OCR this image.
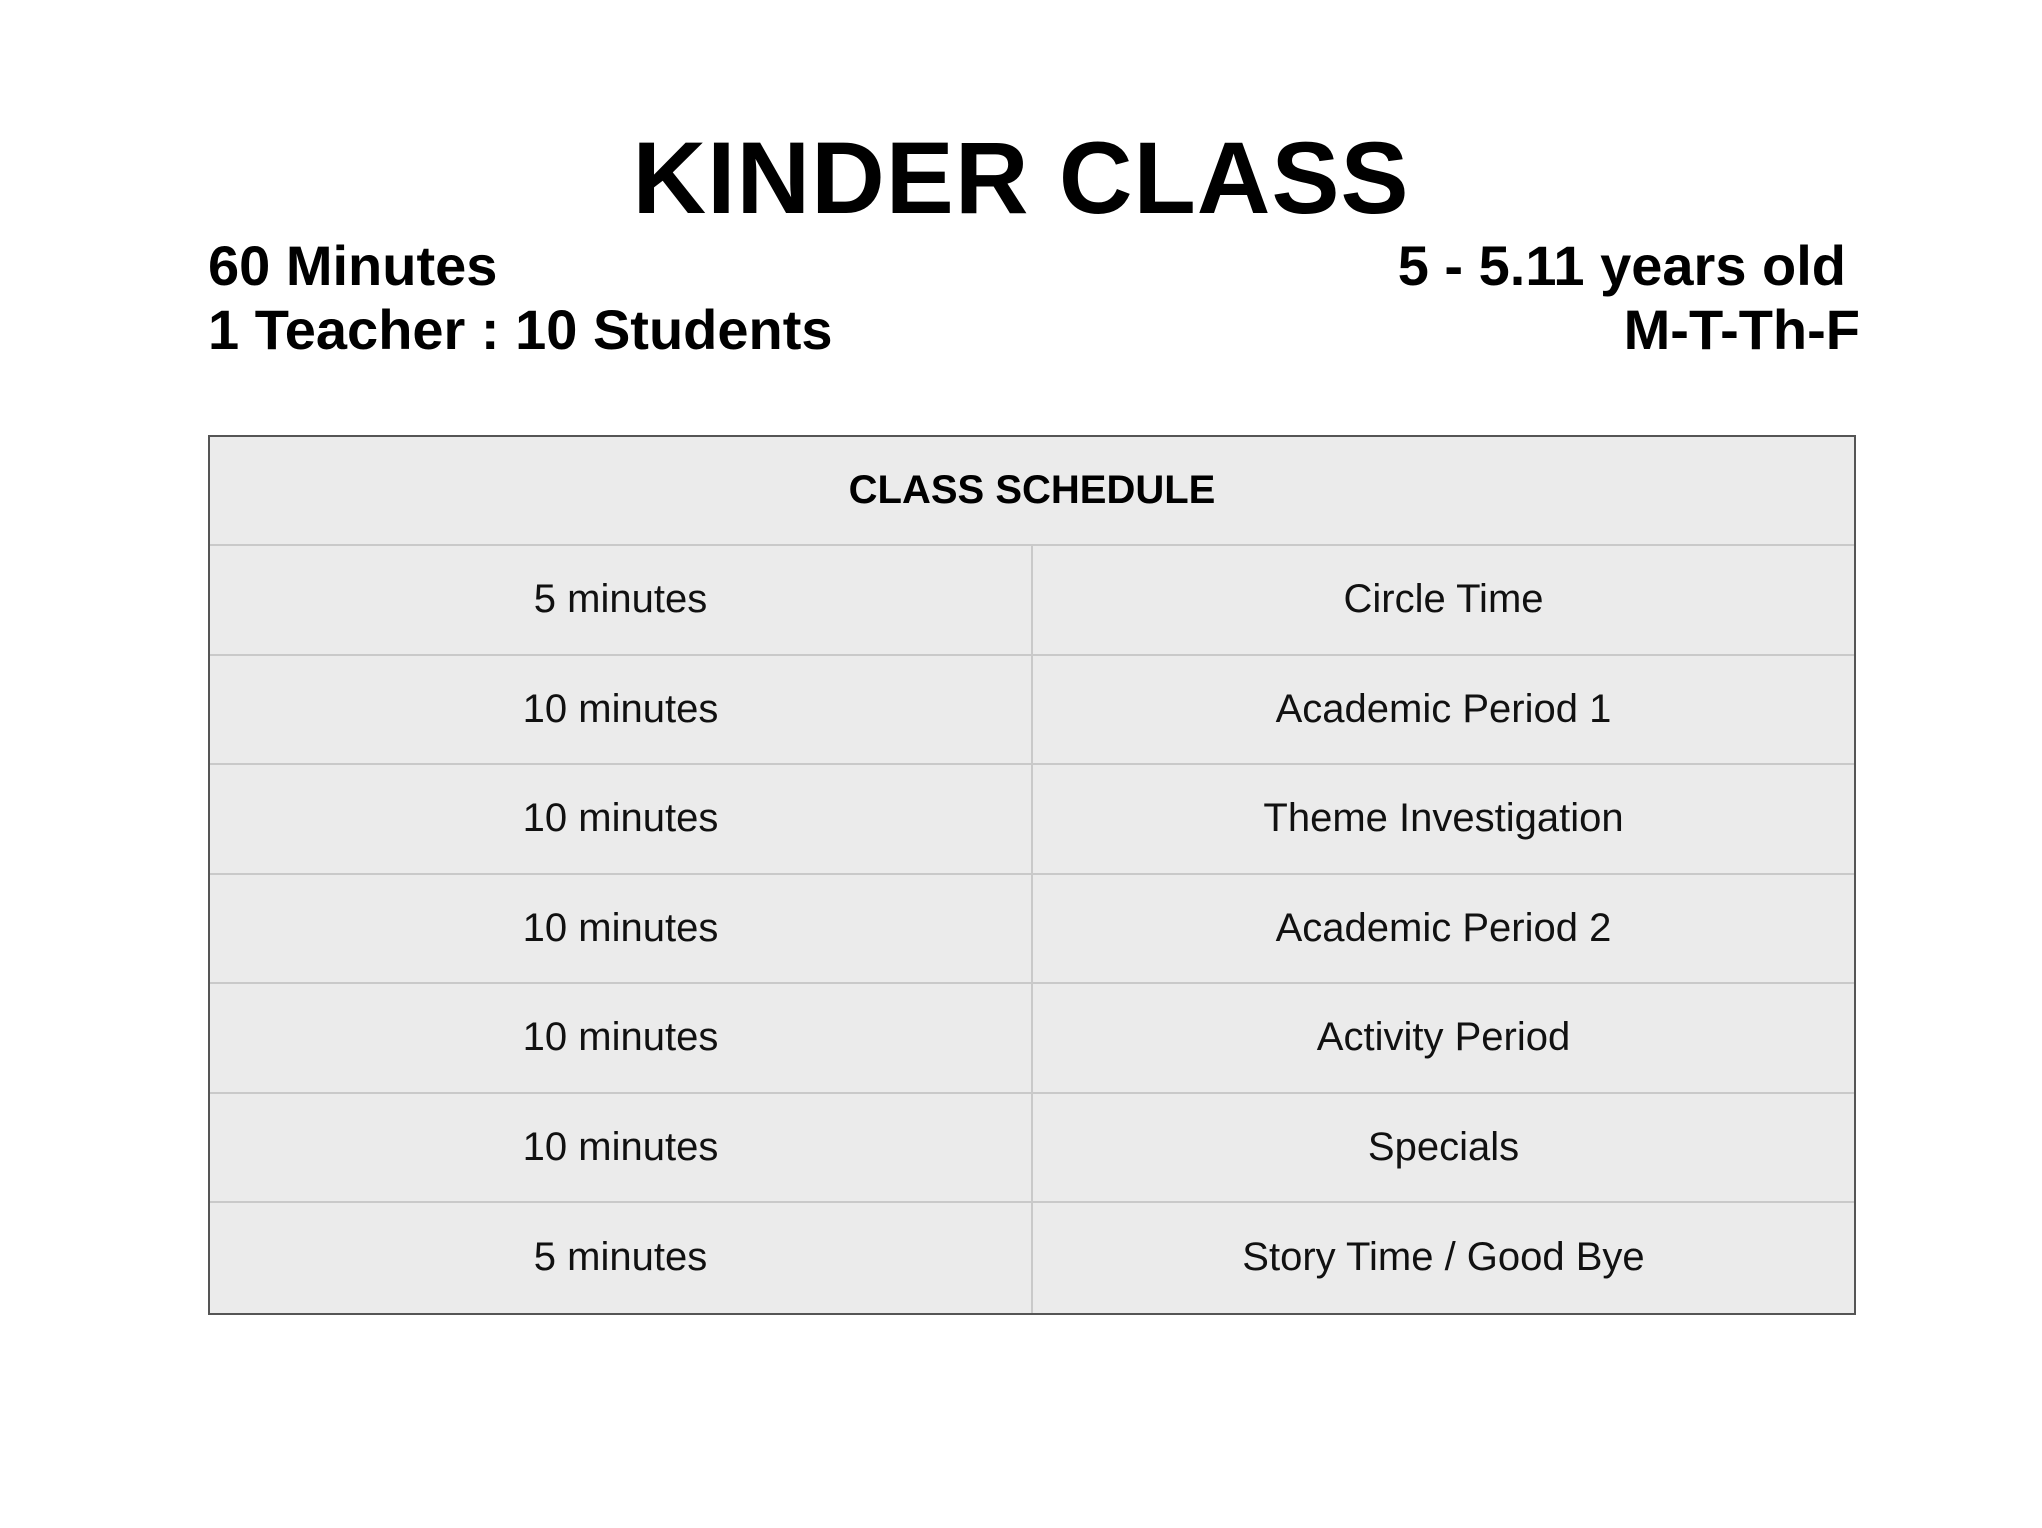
KINDER CLASS
60 Minutes
1 Teacher : 10 Students
5 - 5.11 years old
M-T-Th-F
CLASS SCHEDULE
5 minutes	Circle Time
10 minutes	Academic Period 1
10 minutes	Theme Investigation
10 minutes	Academic Period 2
10 minutes	Activity Period
10 minutes	Specials
5 minutes	Story Time / Good Bye
